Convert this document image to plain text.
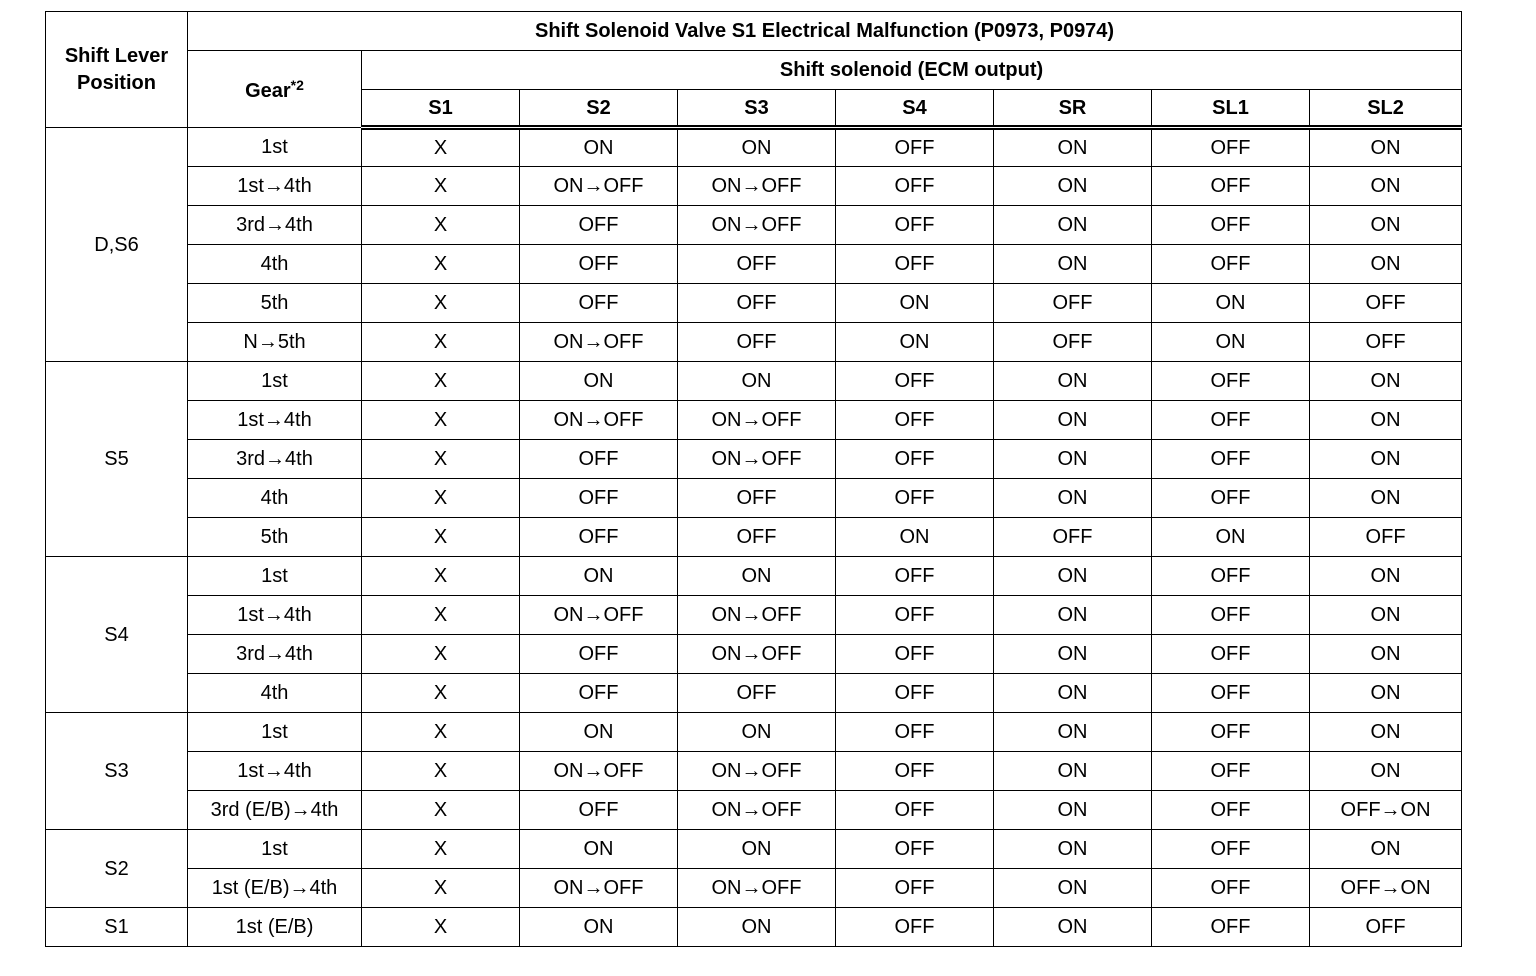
Shift Lever Position	Shift Solenoid Valve S1 Electrical Malfunction (P0973, P0974)							
	Gear$^{*2}$	Shift solenoid (ECM output)						
		S1	S2	S3	S4	SR	SL1	SL2
D,S6	1st	X	ON	ON	OFF	ON	OFF	ON
	1st→4th	X	ON→OFF	ON→OFF	OFF	ON	OFF	ON
	3rd→4th	X	OFF	ON→OFF	OFF	ON	OFF	ON
	4th	X	OFF	OFF	OFF	ON	OFF	ON
	5th	X	OFF	OFF	ON	OFF	ON	OFF
	N→5th	X	ON→OFF	OFF	ON	OFF	ON	OFF
S5	1st	X	ON	ON	OFF	ON	OFF	ON
	1st→4th	X	ON→OFF	ON→OFF	OFF	ON	OFF	ON
	3rd→4th	X	OFF	ON→OFF	OFF	ON	OFF	ON
	4th	X	OFF	OFF	OFF	ON	OFF	ON
	5th	X	OFF	OFF	ON	OFF	ON	OFF
S4	1st	X	ON	ON	OFF	ON	OFF	ON
	1st→4th	X	ON→OFF	ON→OFF	OFF	ON	OFF	ON
	3rd→4th	X	OFF	ON→OFF	OFF	ON	OFF	ON
	4th	X	OFF	OFF	OFF	ON	OFF	ON
S3	1st	X	ON	ON	OFF	ON	OFF	ON
	1st→4th	X	ON→OFF	ON→OFF	OFF	ON	OFF	ON
	3rd (E/B)→4th	X	OFF	ON→OFF	OFF	ON	OFF	OFF→ON
S2	1st	X	ON	ON	OFF	ON	OFF	ON
	1st (E/B)→4th	X	ON→OFF	ON→OFF	OFF	ON	OFF	OFF→ON
S1	1st (E/B)	X	ON	ON	OFF	ON	OFF	OFF
